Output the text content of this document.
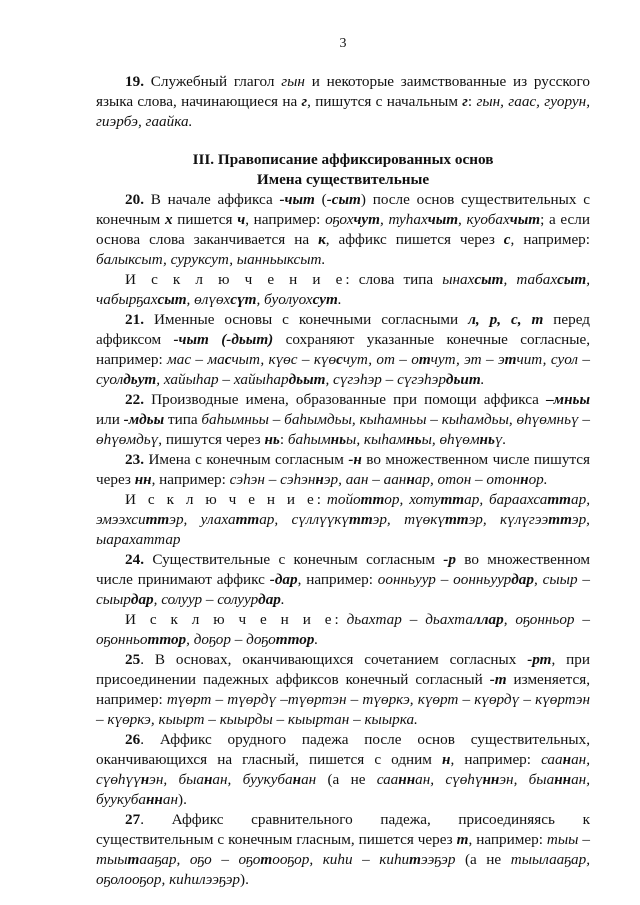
3

19. Служебный глагол гын и некоторые заимствованные из русского языка слова, начинающиеся на г, пишутся с начальным г: гын, гаас, гуорун, гиэрбэ, гаайка.

III. Правописание аффиксированных основ

Имена существительные

20. В начале аффикса -чыт (-сыт) после основ существительных с конечным х пишется ч, например: оҕохчут, туһахчыт, куобахчыт; а если основа слова заканчивается на к, аффикс пишется через с, например: балыксыт, суруксут, ыанньыксыт.

И с к л ю ч е н и е: слова типа ынахсыт, табахсыт, чабырҕахсыт, өлүөхсүт, буолуохсут.

21. Именные основы с конечными согласными л, р, с, т перед аффиксом -чыт (-дьыт) сохраняют указанные конечные согласные, например: мас – масчыт, күөс – күөсчут, от – отчут, эт – этчит, суол – суолдьут, хайыһар – хайыһардьыт, сүгэһэр – сүгэһэрдьит.

22. Производные имена, образованные при помощи аффикса –мньы или -мдьы типа баһымньы – баһымдьы, кыһамньы – кыһамдьы, өһүөмньү – өһүөмдьү, пишутся через нь: баһымньы, кыһамньы, өһүөмньү.

23. Имена с конечным согласным -н во множественном числе пишутся через нн, например: сэһэн – сэһэннэр, аан – ааннар, отон – отоннор.

И с к л ю ч е н и е: тойоттор, хотуттар, бараахсаттар, эмээхситтэр, улахаттар, сүллүүкүттэр, түөкүттэр, күлүгээттэр, ыарахаттар

24. Существительные с конечным согласным -р во множественном числе принимают аффикс -дар, например: оонньуур – оонньуурдар, сыыр – сыырдар, солуур – солуурдар.

И с к л ю ч е н и е: дьахтар – дьахталлар, оҕонньор – оҕонньоттор, доҕор – доҕоттор.

25. В основах, оканчивающихся сочетанием согласных -рт, при присоединении падежных аффиксов конечный согласный -т изменяется, например: түөрт – түөрдү –түөртэн – түөркэ, күөрт – күөрдү – күөртэн – күөркэ, кыырт – кыырды – кыыртан – кыырка.

26. Аффикс орудного падежа после основ существительных, оканчивающихся на гласный, пишется с одним н, например: саанан, сүөһүүнэн, быанан, буукубанан (а не сааннан, сүөһүннэн, быаннан, буукубаннан).

27. Аффикс сравнительного падежа, присоединяясь к существительным с конечным гласным, пишется через т, например: тыы – тыытааҕар, оҕо – оҕотооҕор, киһи – киһитээҕэр (а не тыылааҕар, оҕолооҕор, киһилээҕэр).
